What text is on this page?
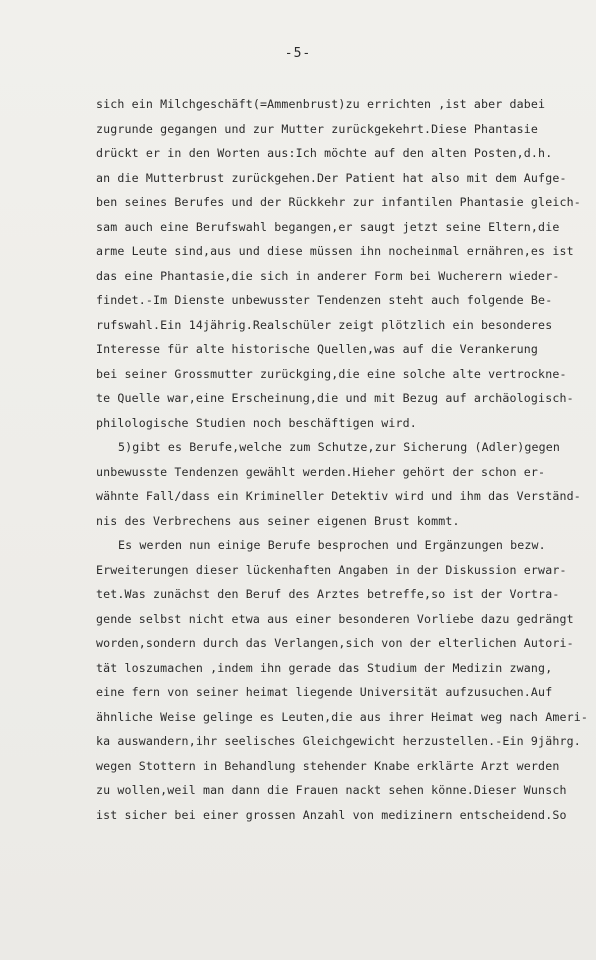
-5-
sich ein Milchgeschäft(=Ammenbrust)zu errichten ,ist aber dabei
zugrunde gegangen und zur Mutter zurückgekehrt.Diese Phantasie
drückt er in den Worten aus:Ich möchte auf den alten Posten,d.h.
an die Mutterbrust zurückgehen.Der Patient hat also mit dem Aufge-
ben seines Berufes und der Rückkehr zur infantilen Phantasie gleich-
sam auch eine Berufswahl begangen,er saugt jetzt seine Eltern,die
arme Leute sind,aus und diese müssen ihn nocheinmal ernähren,es ist
das eine Phantasie,die sich in anderer Form bei Wucherern wieder-
findet.-Im Dienste unbewusster Tendenzen steht auch folgende Be-
rufswahl.Ein 14jährig.Realschüler zeigt plötzlich ein besonderes
Interesse für alte historische Quellen,was auf die Verankerung
bei seiner Grossmutter zurückging,die eine solche alte vertrockne-
te Quelle war,eine Erscheinung,die und mit Bezug auf archäologisch-
philologische Studien noch beschäftigen wird.
5)gibt es Berufe,welche zum Schutze,zur Sicherung (Adler)gegen
unbewusste Tendenzen gewählt werden.Hieher gehört der schon er-
wähnte Fall/dass ein Krimineller Detektiv wird und ihm das Verständ-
nis des Verbrechens aus seiner eigenen Brust kommt.
Es werden nun einige Berufe besprochen und Ergänzungen bezw.
Erweiterungen dieser lückenhaften Angaben in der Diskussion erwar-
tet.Was zunächst den Beruf des Arztes betreffe,so ist der Vortra-
gende selbst nicht etwa aus einer besonderen Vorliebe dazu gedrängt
worden,sondern durch das Verlangen,sich von der elterlichen Autori-
tät loszumachen ,indem ihn gerade das Studium der Medizin zwang,
eine fern von seiner heimat liegende Universität aufzusuchen.Auf
ähnliche Weise gelinge es Leuten,die aus ihrer Heimat weg nach Ameri-
ka auswandern,ihr seelisches Gleichgewicht herzustellen.-Ein 9jährg.
wegen Stottern in Behandlung stehender Knabe erklärte Arzt werden
zu wollen,weil man dann die Frauen nackt sehen könne.Dieser Wunsch
ist sicher bei einer grossen Anzahl von medizinern entscheidend.So
